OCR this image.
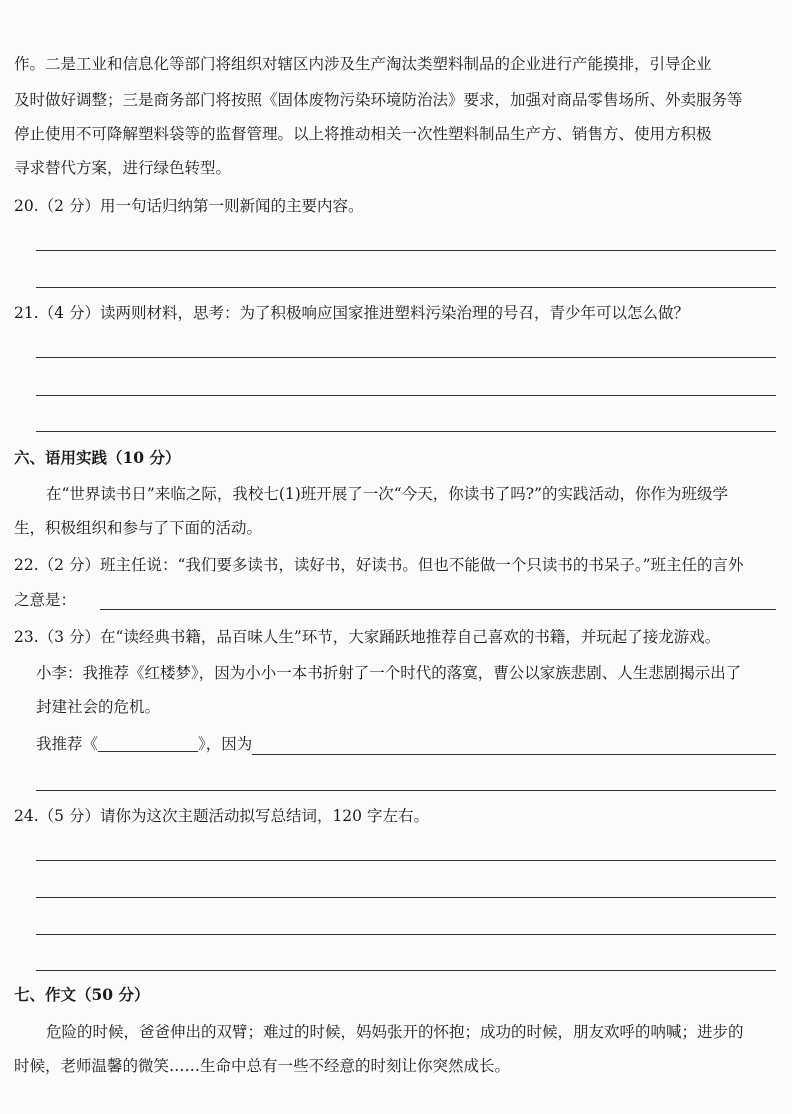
作。二是工业和信息化等部门将组织对辖区内涉及生产淘汰类塑料制品的企业进行产能摸排，引导企业
及时做好调整；三是商务部门将按照《固体废物污染环境防治法》要求，加强对商品零售场所、外卖服务等
停止使用不可降解塑料袋等的监督管理。以上将推动相关一次性塑料制品生产方、销售方、使用方积极
寻求替代方案，进行绿色转型。
20.（2 分）用一句话归纳第一则新闻的主要内容。
21.（4 分）读两则材料，思考：为了积极响应国家推进塑料污染治理的号召，青少年可以怎么做？
六、语用实践（10 分）
在“世界读书日”来临之际，我校七(1)班开展了一次“今天，你读书了吗?”的实践活动，你作为班级学
生，积极组织和参与了下面的活动。
22.（2 分）班主任说：“我们要多读书，读好书，好读书。但也不能做一个只读书的书呆子。”班主任的言外
之意是：
23.（3 分）在“读经典书籍，品百味人生”环节，大家踊跃地推荐自己喜欢的书籍，并玩起了接龙游戏。
小李：我推荐《红楼梦》，因为小小一本书折射了一个时代的落寞，曹公以家族悲剧、人生悲剧揭示出了
封建社会的危机。
我推荐《	》，因为
24.（5 分）请你为这次主题活动拟写总结词，120 字左右。
七、作文（50 分）
危险的时候，爸爸伸出的双臂；难过的时候，妈妈张开的怀抱；成功的时候，朋友欢呼的呐喊；进步的
时候，老师温馨的微笑……生命中总有一些不经意的时刻让你突然成长。
